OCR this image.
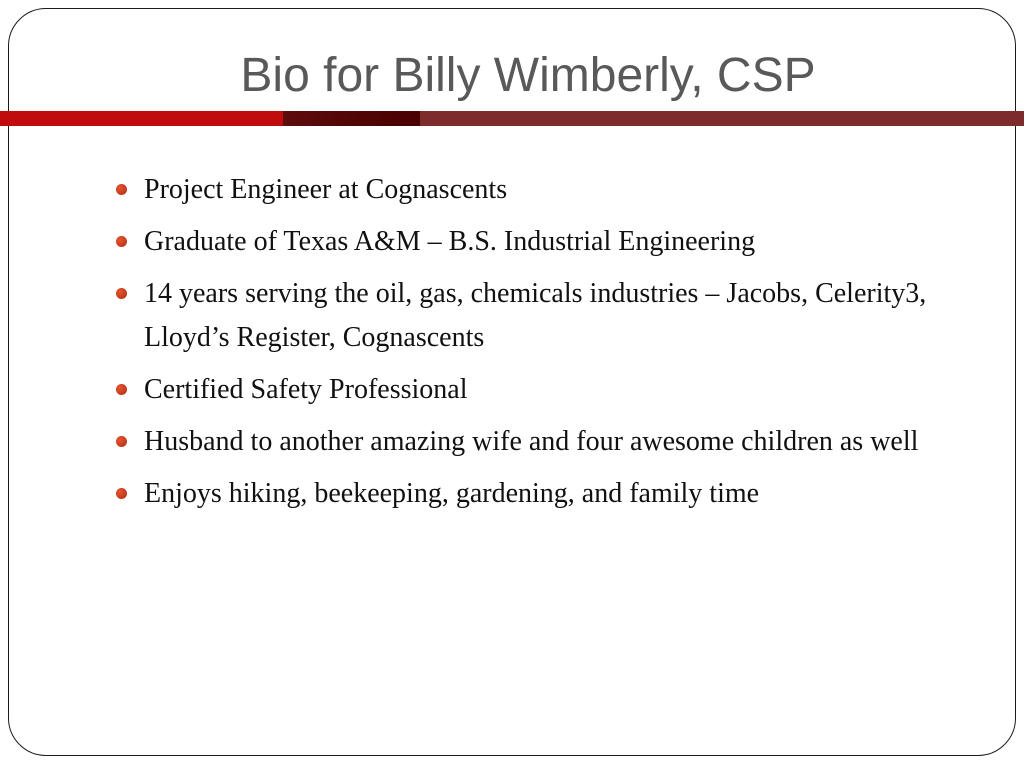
Bio for Billy Wimberly, CSP
Project Engineer at Cognascents
Graduate of Texas A&M – B.S. Industrial Engineering
14 years serving the oil, gas, chemicals industries – Jacobs, Celerity3, Lloyd’s Register, Cognascents
Certified Safety Professional
Husband to another amazing wife and four awesome children as well
Enjoys hiking, beekeeping, gardening, and family time
